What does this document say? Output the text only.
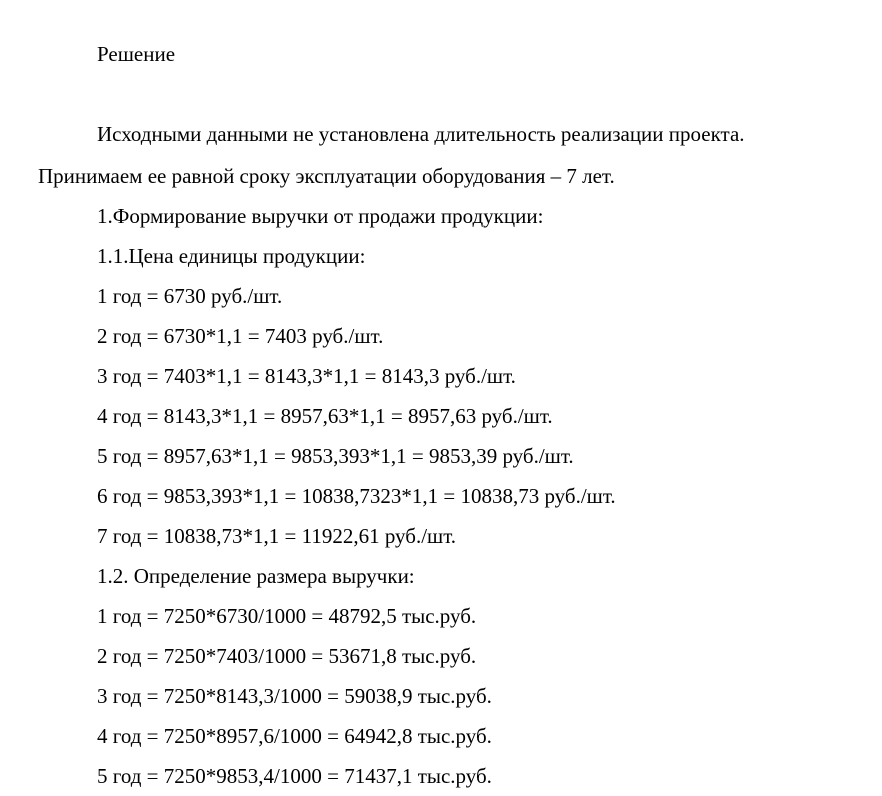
Решение
Исходными данными не установлена длительность реализации проекта.
Принимаем ее равной сроку эксплуатации оборудования – 7 лет.
1.Формирование выручки от продажи продукции:
1.1.Цена единицы продукции:
1 год = 6730 руб./шт.
2 год = 6730*1,1 = 7403 руб./шт.
3 год = 7403*1,1 = 8143,3*1,1 = 8143,3 руб./шт.
4 год = 8143,3*1,1 = 8957,63*1,1 = 8957,63 руб./шт.
5 год = 8957,63*1,1 = 9853,393*1,1 = 9853,39 руб./шт.
6 год = 9853,393*1,1 = 10838,7323*1,1 = 10838,73 руб./шт.
7 год = 10838,73*1,1 = 11922,61 руб./шт.
1.2. Определение размера выручки:
1 год = 7250*6730/1000 = 48792,5 тыс.руб.
2 год = 7250*7403/1000 = 53671,8 тыс.руб.
3 год = 7250*8143,3/1000 = 59038,9 тыс.руб.
4 год = 7250*8957,6/1000 = 64942,8 тыс.руб.
5 год = 7250*9853,4/1000 = 71437,1 тыс.руб.
